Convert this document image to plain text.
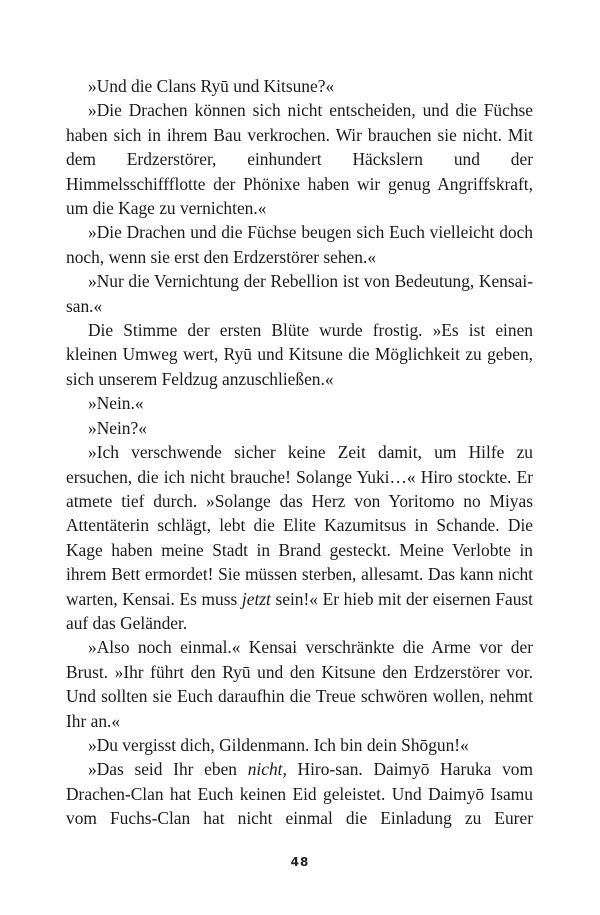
»Und die Clans Ryū und Kitsune?«

»Die Drachen können sich nicht entscheiden, und die Füchse haben sich in ihrem Bau verkrochen. Wir brauchen sie nicht. Mit dem Erdzerstörer, einhundert Häckslern und der Himmelsschiffflotte der Phönixe haben wir genug Angriffskraft, um die Kage zu vernichten.«

»Die Drachen und die Füchse beugen sich Euch vielleicht doch noch, wenn sie erst den Erdzerstörer sehen.«

»Nur die Vernichtung der Rebellion ist von Bedeutung, Kensai-san.«

Die Stimme der ersten Blüte wurde frostig. »Es ist einen kleinen Umweg wert, Ryū und Kitsune die Möglichkeit zu geben, sich unserem Feldzug anzuschließen.«

»Nein.«

»Nein?«

»Ich verschwende sicher keine Zeit damit, um Hilfe zu ersuchen, die ich nicht brauche! Solange Yuki…« Hiro stockte. Er atmete tief durch. »Solange das Herz von Yoritomo no Miyas Attentäterin schlägt, lebt die Elite Kazumitsus in Schande. Die Kage haben meine Stadt in Brand gesteckt. Meine Verlobte in ihrem Bett ermordet! Sie müssen sterben, allesamt. Das kann nicht warten, Kensai. Es muss jetzt sein!« Er hieb mit der eisernen Faust auf das Geländer.

»Also noch einmal.« Kensai verschränkte die Arme vor der Brust. »Ihr führt den Ryū und den Kitsune den Erdzerstörer vor. Und sollten sie Euch daraufhin die Treue schwören wollen, nehmt Ihr an.«

»Du vergisst dich, Gildenmann. Ich bin dein Shōgun!«

»Das seid Ihr eben nicht, Hiro-san. Daimyō Haruka vom Drachen-Clan hat Euch keinen Eid geleistet. Und Daimyō Isamu vom Fuchs-Clan hat nicht einmal die Einladung zu Eurer

48
